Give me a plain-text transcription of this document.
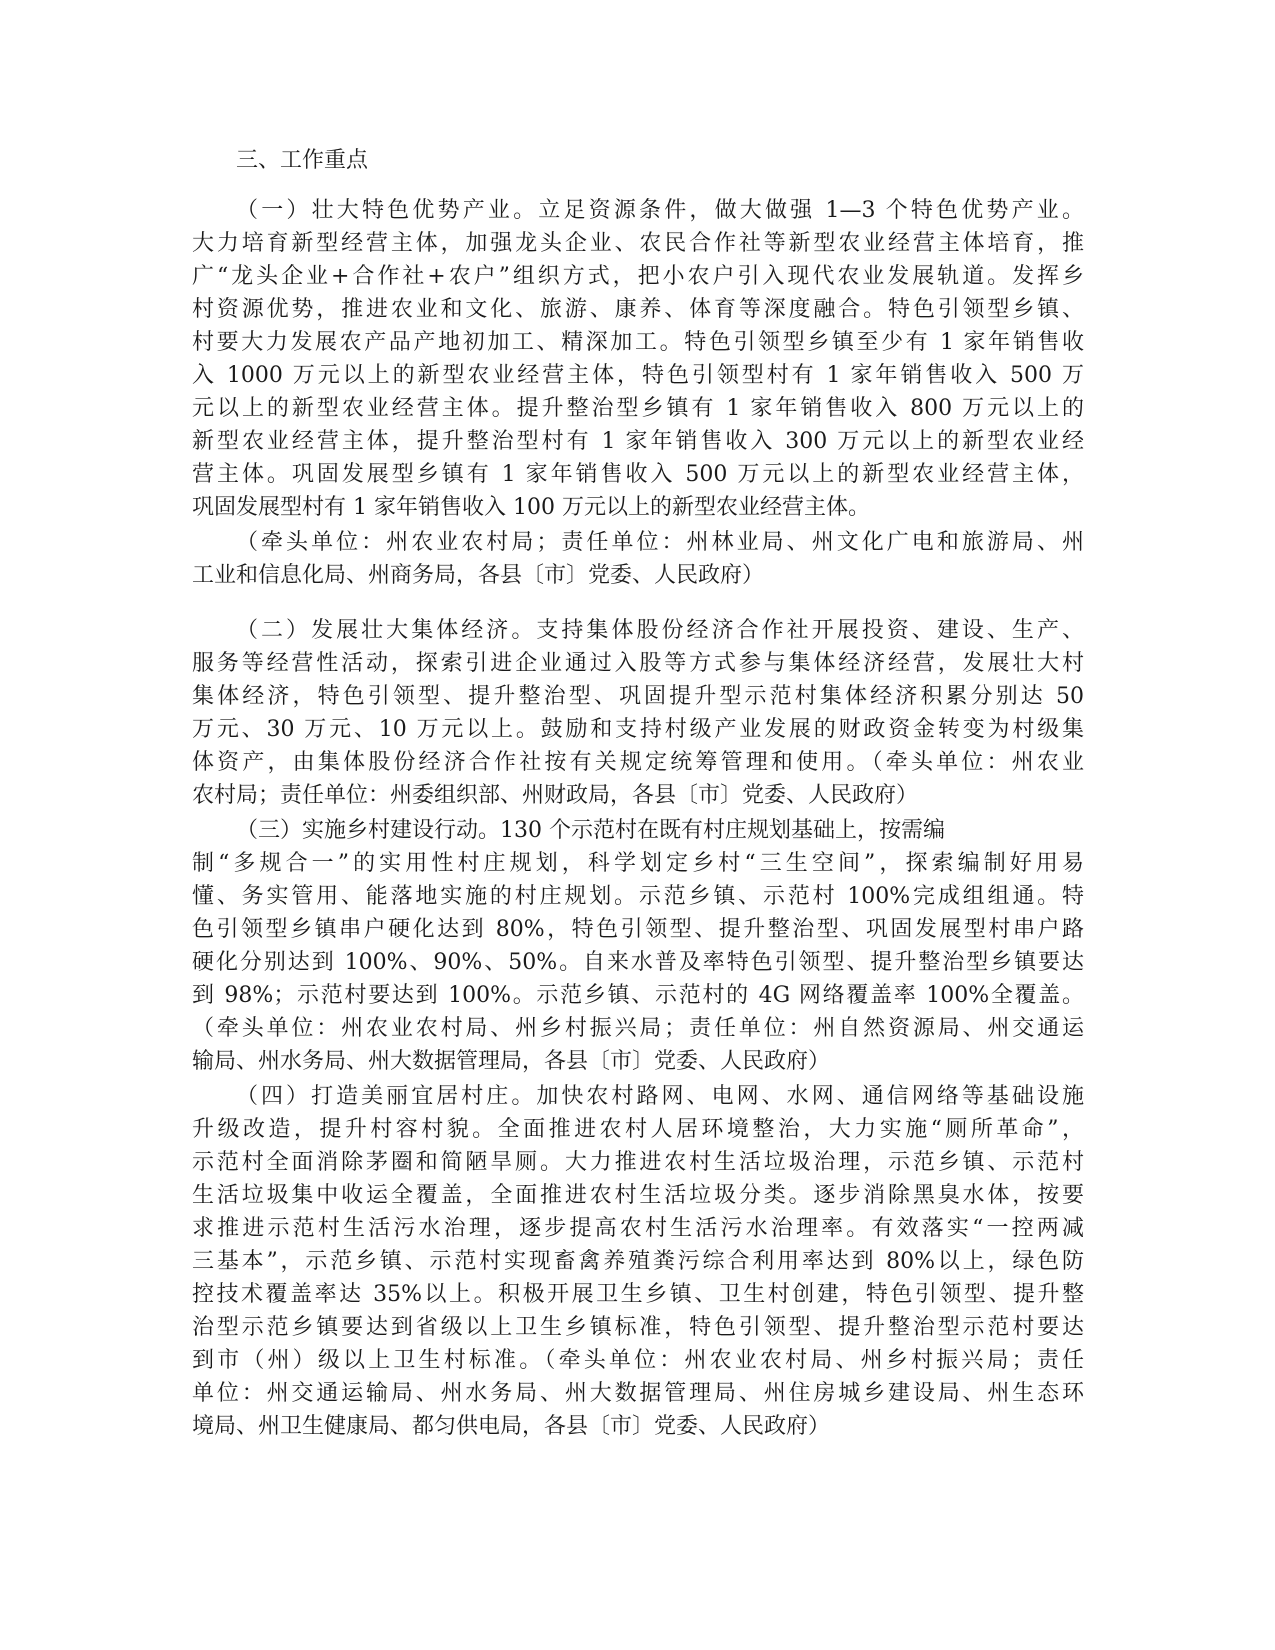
三、工作重点
（一）壮大特色优势产业。立足资源条件，做大做强 1—3 个特色优势产业。
大力培育新型经营主体，加强龙头企业、农民合作社等新型农业经营主体培育，推
广“龙头企业+合作社+农户”组织方式，把小农户引入现代农业发展轨道。发挥乡
村资源优势，推进农业和文化、旅游、康养、体育等深度融合。特色引领型乡镇、
村要大力发展农产品产地初加工、精深加工。特色引领型乡镇至少有 1 家年销售收
入 1000 万元以上的新型农业经营主体，特色引领型村有 1 家年销售收入 500 万
元以上的新型农业经营主体。提升整治型乡镇有 1 家年销售收入 800 万元以上的
新型农业经营主体，提升整治型村有 1 家年销售收入 300 万元以上的新型农业经
营主体。巩固发展型乡镇有 1 家年销售收入 500 万元以上的新型农业经营主体，
巩固发展型村有 1 家年销售收入 100 万元以上的新型农业经营主体。
（牵头单位：州农业农村局；责任单位：州林业局、州文化广电和旅游局、州
工业和信息化局、州商务局，各县〔市〕党委、人民政府）
（二）发展壮大集体经济。支持集体股份经济合作社开展投资、建设、生产、
服务等经营性活动，探索引进企业通过入股等方式参与集体经济经营，发展壮大村
集体经济，特色引领型、提升整治型、巩固提升型示范村集体经济积累分别达 50
万元、30 万元、10 万元以上。鼓励和支持村级产业发展的财政资金转变为村级集
体资产，由集体股份经济合作社按有关规定统筹管理和使用。（牵头单位：州农业
农村局；责任单位：州委组织部、州财政局，各县〔市〕党委、人民政府）
（三）实施乡村建设行动。130 个示范村在既有村庄规划基础上，按需编
制“多规合一”的实用性村庄规划，科学划定乡村“三生空间”，探索编制好用易
懂、务实管用、能落地实施的村庄规划。示范乡镇、示范村 100%完成组组通。特
色引领型乡镇串户硬化达到 80%，特色引领型、提升整治型、巩固发展型村串户路
硬化分别达到 100%、90%、50%。自来水普及率特色引领型、提升整治型乡镇要达
到 98%；示范村要达到 100%。示范乡镇、示范村的 4G 网络覆盖率 100%全覆盖。
（牵头单位：州农业农村局、州乡村振兴局；责任单位：州自然资源局、州交通运
输局、州水务局、州大数据管理局，各县〔市〕党委、人民政府）
（四）打造美丽宜居村庄。加快农村路网、电网、水网、通信网络等基础设施
升级改造，提升村容村貌。全面推进农村人居环境整治，大力实施“厕所革命”，
示范村全面消除茅圈和简陋旱厕。大力推进农村生活垃圾治理，示范乡镇、示范村
生活垃圾集中收运全覆盖，全面推进农村生活垃圾分类。逐步消除黑臭水体，按要
求推进示范村生活污水治理，逐步提高农村生活污水治理率。有效落实“一控两减
三基本”，示范乡镇、示范村实现畜禽养殖粪污综合利用率达到 80%以上，绿色防
控技术覆盖率达 35%以上。积极开展卫生乡镇、卫生村创建，特色引领型、提升整
治型示范乡镇要达到省级以上卫生乡镇标准，特色引领型、提升整治型示范村要达
到市（州）级以上卫生村标准。（牵头单位：州农业农村局、州乡村振兴局；责任
单位：州交通运输局、州水务局、州大数据管理局、州住房城乡建设局、州生态环
境局、州卫生健康局、都匀供电局，各县〔市〕党委、人民政府）
